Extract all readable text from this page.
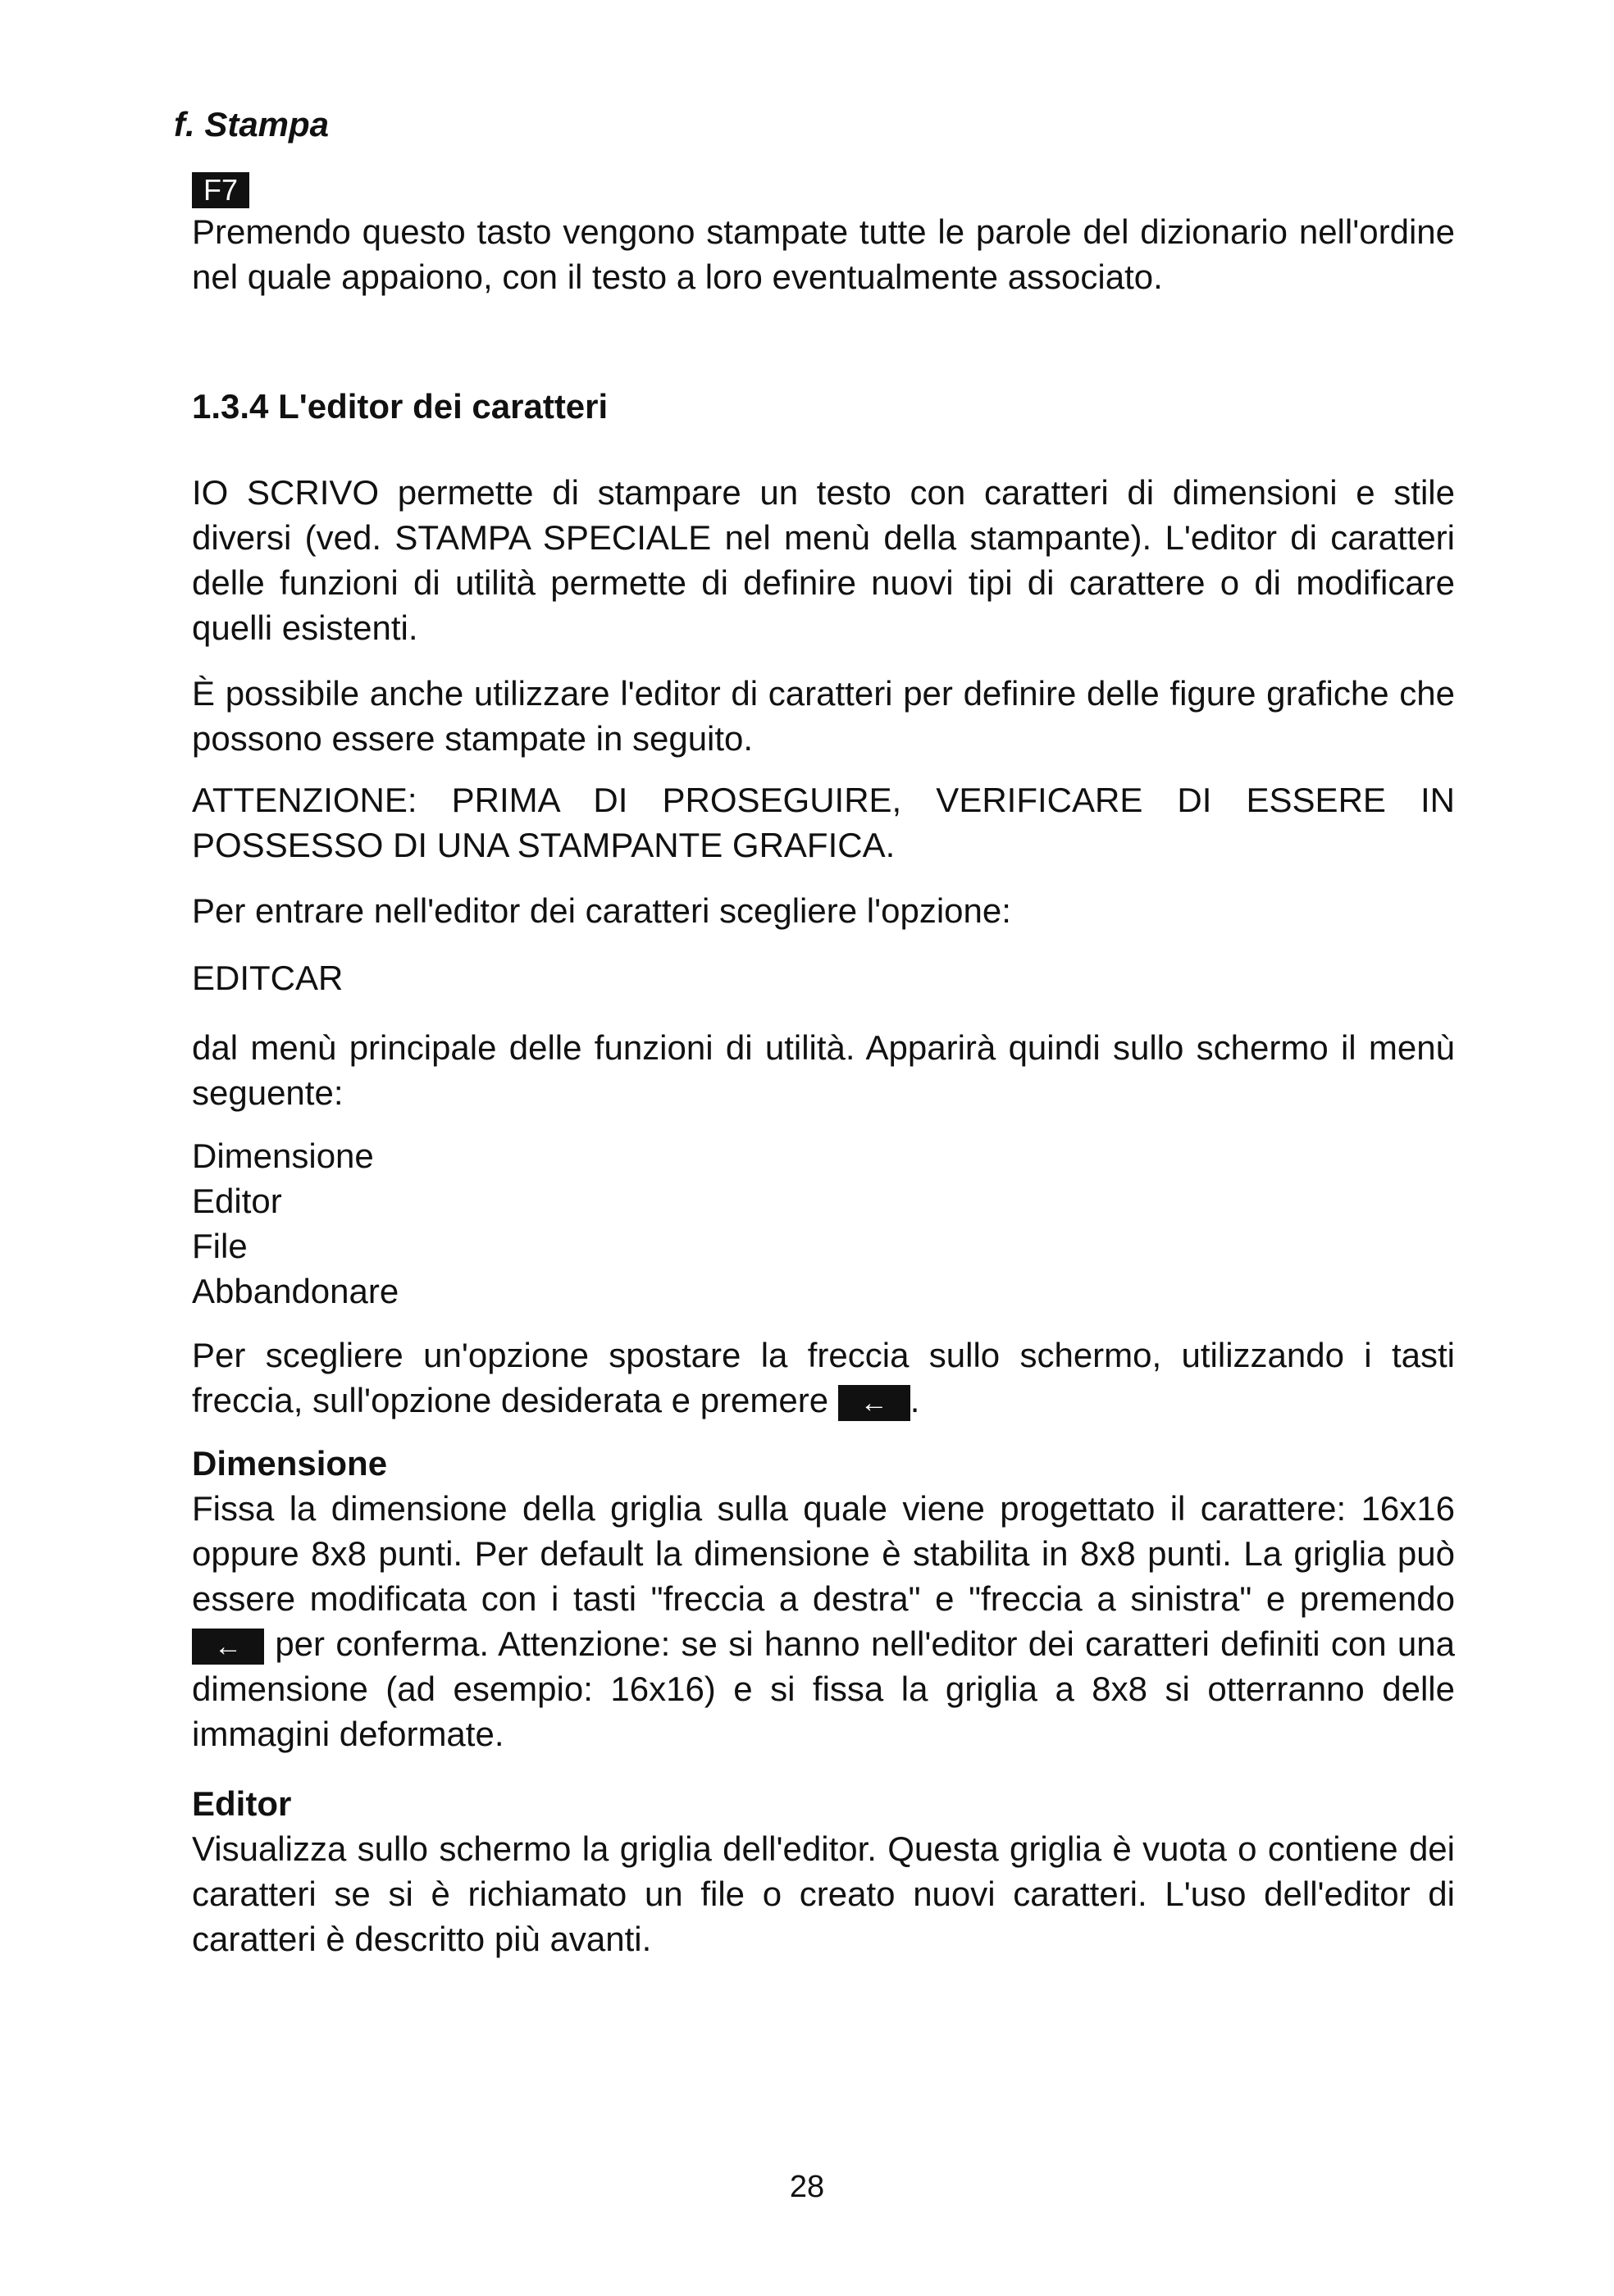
f. Stampa
F7

Premendo questo tasto vengono stampate tutte le parole del dizionario nell'ordine nel quale appaiono, con il testo a loro eventualmente associato.

1.3.4 L'editor dei caratteri

IO SCRIVO permette di stampare un testo con caratteri di dimensioni e stile diversi (ved. STAMPA SPECIALE nel menù della stampante). L'editor di caratteri delle funzioni di utilità permette di definire nuovi tipi di carattere o di modificare quelli esistenti.

È possibile anche utilizzare l'editor di caratteri per definire delle figure grafiche che possono essere stampate in seguito.

ATTENZIONE: PRIMA DI PROSEGUIRE, VERIFICARE DI ESSERE IN POSSESSO DI UNA STAMPANTE GRAFICA.

Per entrare nell'editor dei caratteri scegliere l'opzione:

EDITCAR

dal menù principale delle funzioni di utilità. Apparirà quindi sullo schermo il menù seguente:

Dimensione
Editor
File
Abbandonare

Per scegliere un'opzione spostare la freccia sullo schermo, utilizzando i tasti freccia, sull'opzione desiderata e premere	← .

Dimensione

Fissa la dimensione della griglia sulla quale viene progettato il carattere: 16x16 oppure 8x8 punti. Per default la dimensione è stabilita in 8x8 punti. La griglia può essere modificata con i tasti "freccia a destra" e "freccia a sinistra" e premendo
← per conferma. Attenzione: se si hanno nell'editor dei caratteri definiti con una dimensione (ad esempio: 16x16) e si fissa la griglia a 8x8 si otterranno delle immagini deformate.

Editor

Visualizza sullo schermo la griglia dell'editor. Questa griglia è vuota o contiene dei caratteri se si è richiamato un file o creato nuovi caratteri. L'uso dell'editor di caratteri è descritto più avanti.

28
